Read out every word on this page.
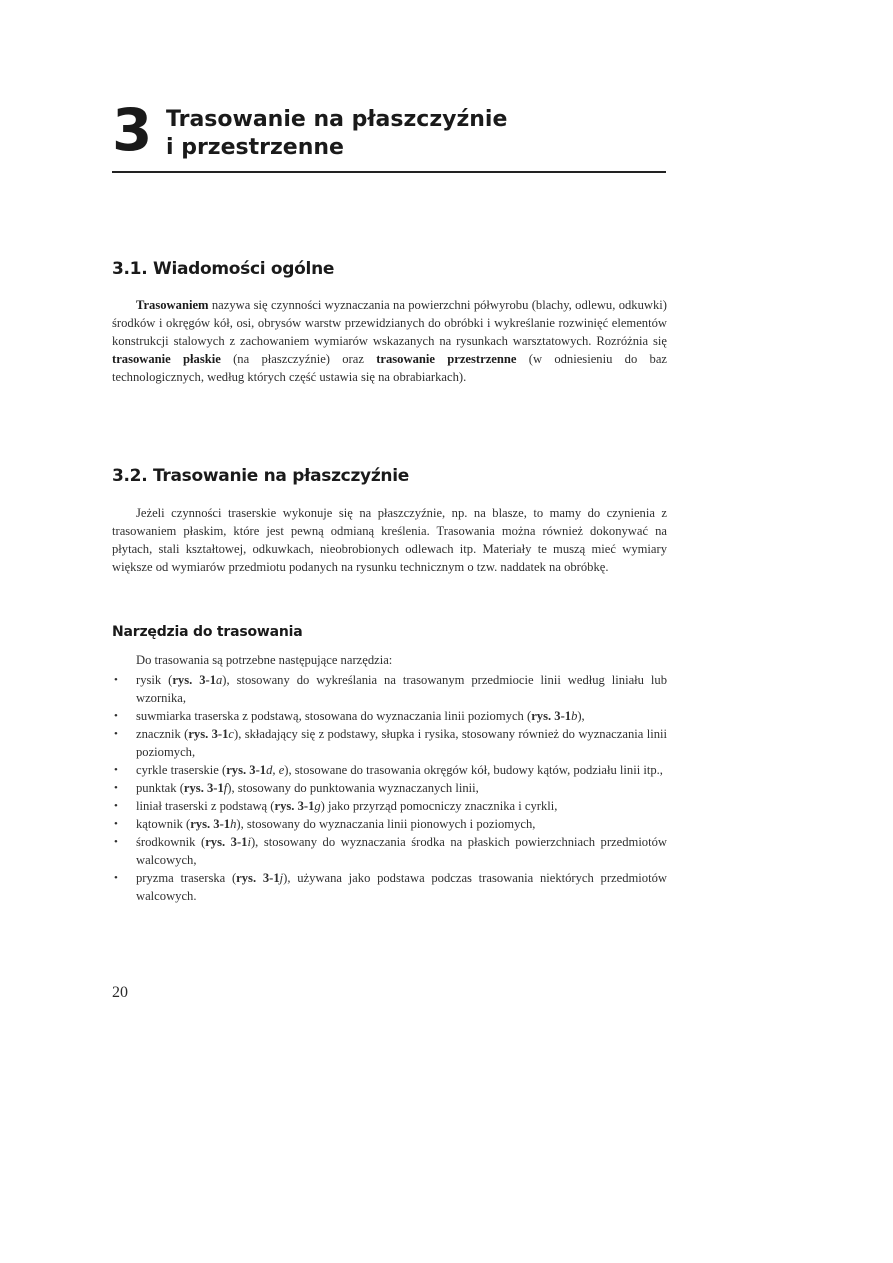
3 Trasowanie na płaszczyźnie
i przestrzenne
3.1. Wiadomości ogólne

Trasowaniem nazywa się czynności wyznaczania na powierzchni półwyrobu (blachy, odlewu, odkuwki) środków i okręgów kół, osi, obrysów warstw przewidzianych do obróbki i wykreślanie rozwinięć elementów konstrukcji stalowych z zachowaniem wymiarów wskazanych na rysunkach warsztatowych. Rozróżnia się trasowanie płaskie (na płaszczyźnie) oraz trasowanie przestrzenne (w odniesieniu do baz technologicznych, według których część ustawia się na obrabiarkach).

3.2. Trasowanie na płaszczyźnie

Jeżeli czynności traserskie wykonuje się na płaszczyźnie, np. na blasze, to mamy do czynienia z trasowaniem płaskim, które jest pewną odmianą kreślenia. Trasowania można również dokonywać na płytach, stali kształtowej, odkuwkach, nieobrobionych odlewach itp. Materiały te muszą mieć wymiary większe od wymiarów przedmiotu podanych na rysunku technicznym o tzw. naddatek na obróbkę.

Narzędzia do trasowania
Do trasowania są potrzebne następujące narzędzia:
• rysik (rys. 3-1a), stosowany do wykreślania na trasowanym przedmiocie linii według liniału lub wzornika,
• suwmiarka traserska z podstawą, stosowana do wyznaczania linii poziomych (rys. 3-1b),
• znacznik (rys. 3-1c), składający się z podstawy, słupka i rysika, stosowany również do wyznaczania linii poziomych,
• cyrkle traserskie (rys. 3-1d, e), stosowane do trasowania okręgów kół, budowy kątów, podziału linii itp.,
• punktak (rys. 3-1f), stosowany do punktowania wyznaczanych linii,
• liniał traserski z podstawą (rys. 3-1g) jako przyrząd pomocniczy znacznika i cyrkli,
• kątownik (rys. 3-1h), stosowany do wyznaczania linii pionowych i poziomych,
• środkownik (rys. 3-1i), stosowany do wyznaczania środka na płaskich powierzchniach przedmiotów walcowych,
• pryzma traserska (rys. 3-1j), używana jako podstawa podczas trasowania niektórych przedmiotów walcowych.
20
